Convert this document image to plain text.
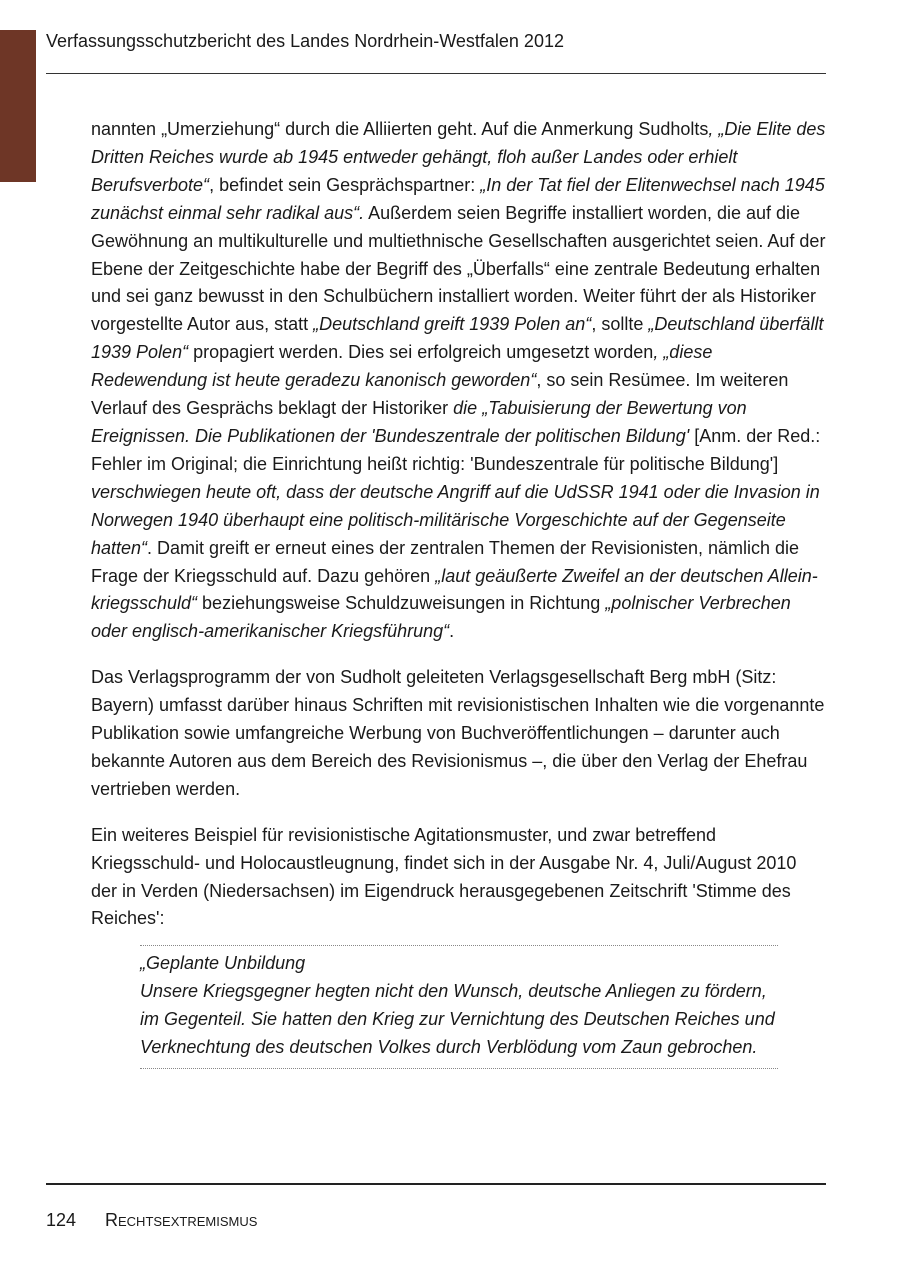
Verfassungsschutzbericht des Landes Nordrhein-Westfalen 2012

nannten „Umerziehung“ durch die Alliierten geht. Auf die Anmerkung Sudholts, „Die Elite des Dritten Reiches wurde ab 1945 entweder gehängt, floh außer Landes oder erhielt Berufsverbote“, befindet sein Gesprächspartner: „In der Tat fiel der Elitenwechsel nach 1945 zunächst einmal sehr radikal aus“. Außerdem seien Begriffe installiert worden, die auf die Gewöhnung an multikulturelle und multiethnische Gesellschaften ausgerichtet seien. Auf der Ebene der Zeitgeschichte habe der Begriff des „Überfalls“ eine zentrale Bedeutung erhalten und sei ganz bewusst in den Schulbüchern installiert worden. Weiter führt der als Historiker vorgestellte Autor aus, statt „Deutschland greift 1939 Polen an“, sollte „Deutschland überfällt 1939 Polen“ propagiert werden. Dies sei erfolgreich umgesetzt worden, „diese Redewendung ist heute geradezu kanonisch geworden“, so sein Resümee. Im weiteren Verlauf des Gesprächs beklagt der Historiker die „Tabuisierung der Bewertung von Ereignissen. Die Publikationen der 'Bundeszentrale der politischen Bildung' [Anm. der Red.: Fehler im Original; die Einrichtung heißt richtig: 'Bundeszentrale für politische Bildung'] verschwiegen heute oft, dass der deutsche Angriff auf die UdSSR 1941 oder die Invasion in Norwegen 1940 überhaupt eine politisch-militärische Vorgeschichte auf der Gegenseite hatten“. Damit greift er erneut eines der zentralen Themen der Revisionisten, nämlich die Frage der Kriegsschuld auf. Dazu gehören „laut geäußerte Zweifel an der deutschen Alleinkriegsschuld“ beziehungsweise Schuldzuweisungen in Richtung „polnischer Verbrechen oder englisch-amerikanischer Kriegsführung“.

Das Verlagsprogramm der von Sudholt geleiteten Verlagsgesellschaft Berg mbH (Sitz: Bayern) umfasst darüber hinaus Schriften mit revisionistischen Inhalten wie die vorgenannte Publikation sowie umfangreiche Werbung von Buchveröffentlichungen – darunter auch bekannte Autoren aus dem Bereich des Revisionismus –, die über den Verlag der Ehefrau vertrieben werden.

Ein weiteres Beispiel für revisionistische Agitationsmuster, und zwar betreffend Kriegsschuld- und Holocaustleugnung, findet sich in der Ausgabe Nr. 4, Juli/August 2010 der in Verden (Niedersachsen) im Eigendruck herausgegebenen Zeitschrift 'Stimme des Reiches':

„Geplante Unbildung
Unsere Kriegsgegner hegten nicht den Wunsch, deutsche Anliegen zu fördern, im Gegenteil. Sie hatten den Krieg zur Vernichtung des Deutschen Reiches und Verknechtung des deutschen Volkes durch Verblödung vom Zaun gebrochen.
124 Rechtsextremismus
